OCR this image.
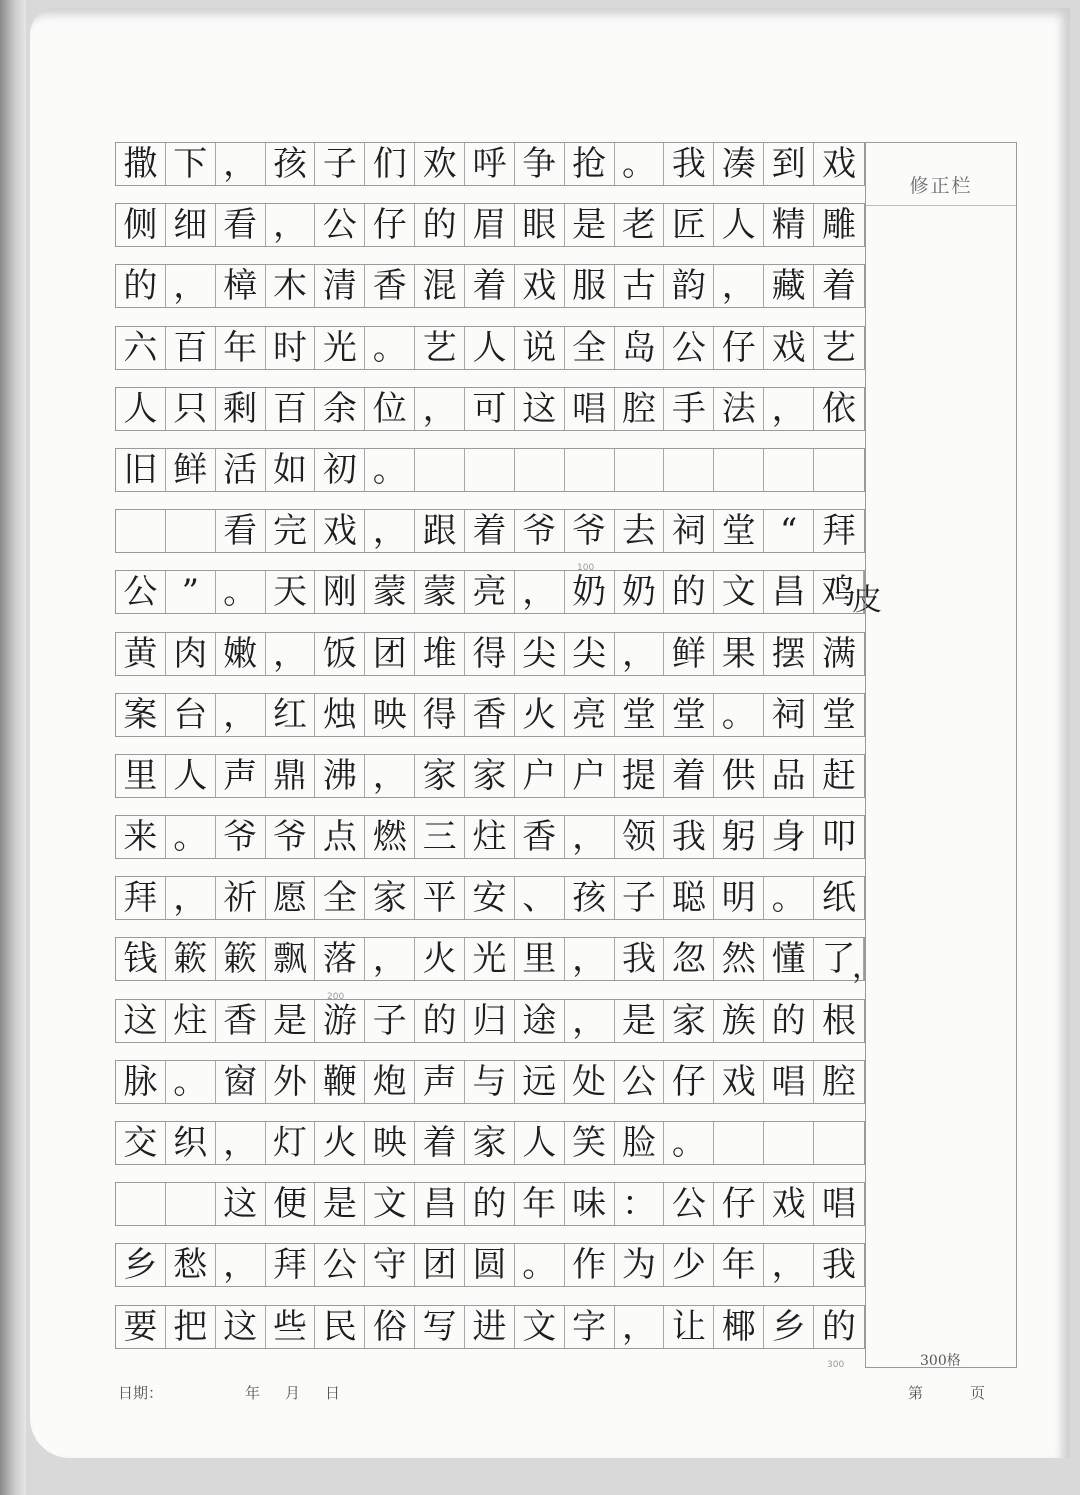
撒 下 ， 孩 子 们 欢 呼 争 抢 。 我 凑 到 戏
侧 细 看 ， 公 仔 的 眉 眼 是 老 匠 人 精 雕
的 ， 樟 木 清 香 混 着 戏 服 古 韵 ， 藏 着
六 百 年 时 光 。 艺 人 说 全 岛 公 仔 戏 艺
人 只 剩 百 余 位 ， 可 这 唱 腔 手 法 ， 依
旧 鲜 活 如 初 。
看 完 戏 ， 跟 着 爷 爷 去 祠 堂 “ 拜
公 ” 。 天 刚 蒙 蒙 亮 ， 奶 奶 的 文 昌 鸡
皮
黄 肉 嫩 ， 饭 团 堆 得 尖 尖 ， 鲜 果 摆 满
案 台 ， 红 烛 映 得 香 火 亮 堂 堂 。 祠 堂
里 人 声 鼎 沸 ， 家 家 户 户 提 着 供 品 赶
来 。 爷 爷 点 燃 三 炷 香 ， 领 我 躬 身 叩
拜 ， 祈 愿 全 家 平 安 、 孩 子 聪 明 。 纸
钱 簌 簌 飘 落 ， 火 光 里 ， 我 忽 然 懂 了
，
这 炷 香 是 游 子 的 归 途 ， 是 家 族 的 根
脉 。 窗 外 鞭 炮 声 与 远 处 公 仔 戏 唱 腔
交 织 ， 灯 火 映 着 家 人 笑 脸 。
这 便 是 文 昌 的 年 味 ： 公 仔 戏 唱
乡 愁 ， 拜 公 守 团 圆 。 作 为 少 年 ， 我
要 把 这 些 民 俗 写 进 文 字 ， 让 椰 乡 的
修正栏
100
200
300	300格
日期：	年 月 日	第	页
